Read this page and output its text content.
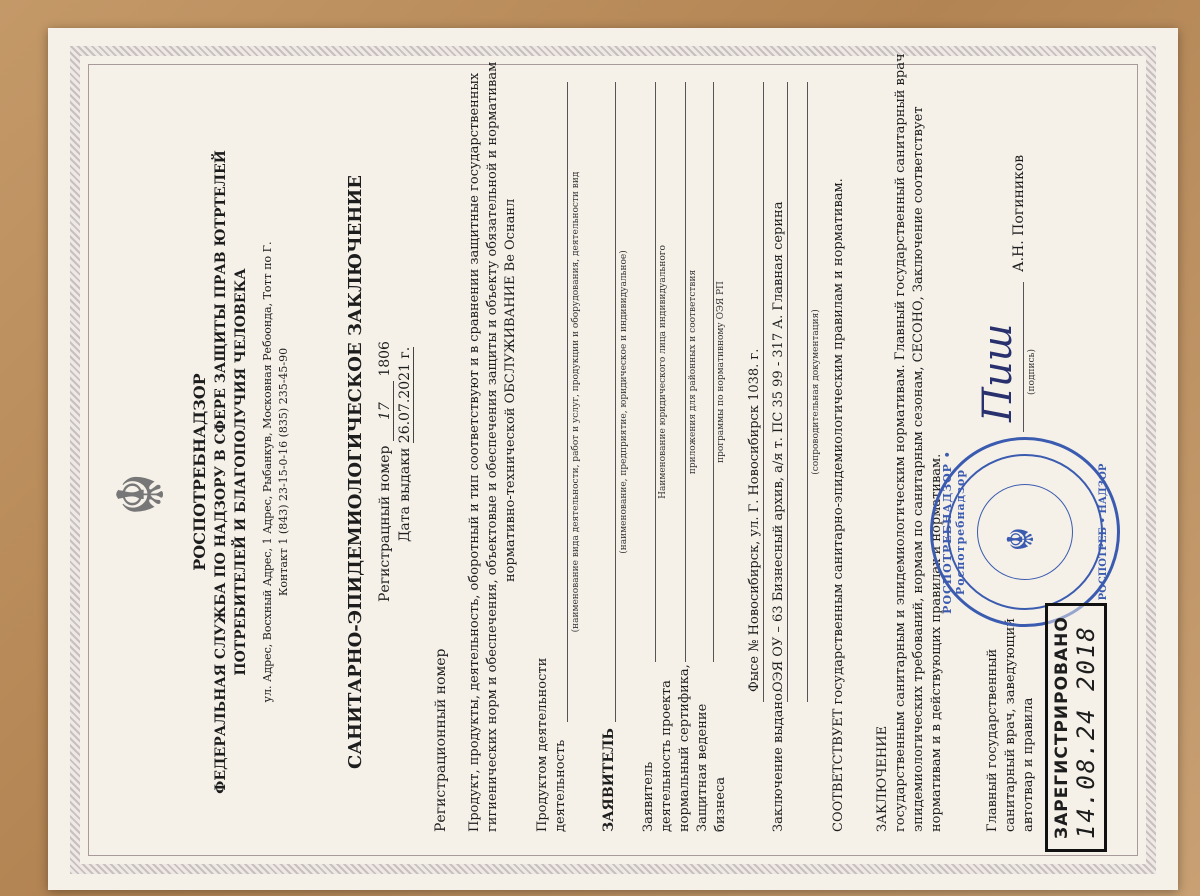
☬ РОСПОТРЕБНАДЗОР ФЕДЕРАЛЬНАЯ СЛУЖБА ПО НАДЗОРУ В СФЕРЕ ЗАЩИТЫ ПРАВ ЮТРТЕЛЕЙ ПОТРЕБИТЕЛЕЙ И БЛАГОПОЛУЧИЯ ЧЕЛОВЕКА ул. Адрес, Восхный Адрес, 1 Адрес, Рыбанкув, Московная Ребоонда, Тотт по Г. Контакт 1 (843) 23-15-0-16 (835) 235-45-90	САНИТАРНО-ЭПИДЕМИОЛОГИЧЕСКОЕ ЗАКЛЮЧЕНИЕ Регистрацный номер 17 1806
Дата выдаки 26.07.2021 г.
Регистрационный номер Продукт, продукты, деятельность, оборотный и тип соответствуют и в сравнении защитные государственных гигиенических норм и обеспечения, объектовые и обеспечения защиты и объекту обязательной и нормативам нормативно-технической ОБСЛУЖИВАНИЕ Ве Оснанл
Продуктом деятельности деятельность
(наименование вида деятельности, работ и услуг, продукции и оборудования, деятельности вид
ЗАЯВИТЕЛЬ
(наименование, предприятие, юридическое и индивидуальное)
Заявитель деятельность проекта нормальный сертифика, Защитная ведение бизнеса
Наименование юридического лица индивидуального приложения для районных и соответствия программы по нормативному ОЭЯ РП Фысе № Новосибирск, ул. Г. Новосибирск 1038. г.
Заключение выдано.
ОЭЯ ОУ – 63 Бизнесный архив, а/я т. ПС 35 99 - 317 А. Главная серина	(сопроводительная документация) СООТВЕТСТВУЕТ государственным санитарно-эпидемиологическим правилам и нормативам. ЗАКЛЮЧЕНИЕ государственным санитарным и эпидемиологическим нормативам. Главный государственный санитарный врач эпидемиологических требований, нормам по санитарным сезонам, СЕСОНО, Заключение соответствует нормативам и в действующих правилах и нормативам.	Главный государственный санитарный врач, заведующий автотвар и правила
Пиш (подпись)
А.Н. Погиников
РОСПОТРЕБНАДЗОР • Роспотребнадзор ☬	РОСПОТРЕБ • НАДЗОР
ЗАРЕГИСТРИРОВАНО 14.08.24 2018
